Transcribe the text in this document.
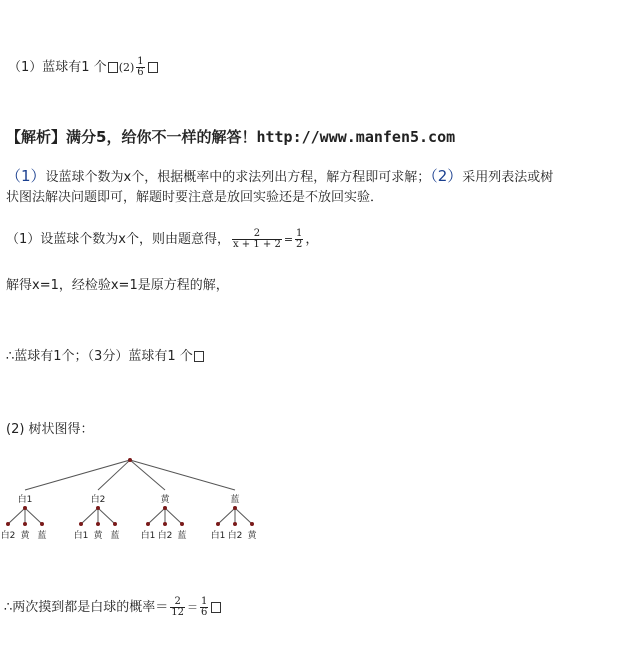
（1）蓝球有1 个 $(2) \frac{1}{6}$
【解析】满分5，给你不一样的解答！http://www.manfen5.com
（1）设蓝球个数为x个，根据概率中的求法列出方程，解方程即可求解；（2）采用列表法或树
状图法解决问题即可，解题时要注意是放回实验还是不放回实验．
（1）设蓝球个数为x个，则由题意得， $\frac{2}{x + 1 + 2} = \frac{1}{2}$ ，
解得x=1，经检验x=1是原方程的解，
∴蓝球有1个；（3分）蓝球有1 个
(2) 树状图得：
白1
白2 黄 蓝
白2
白1 黄 蓝
黄
白1 白2 蓝
蓝
白1 白2 黄
∴两次摸到都是白球的概率＝ $\frac{2}{12} = \frac{1}{6}$
